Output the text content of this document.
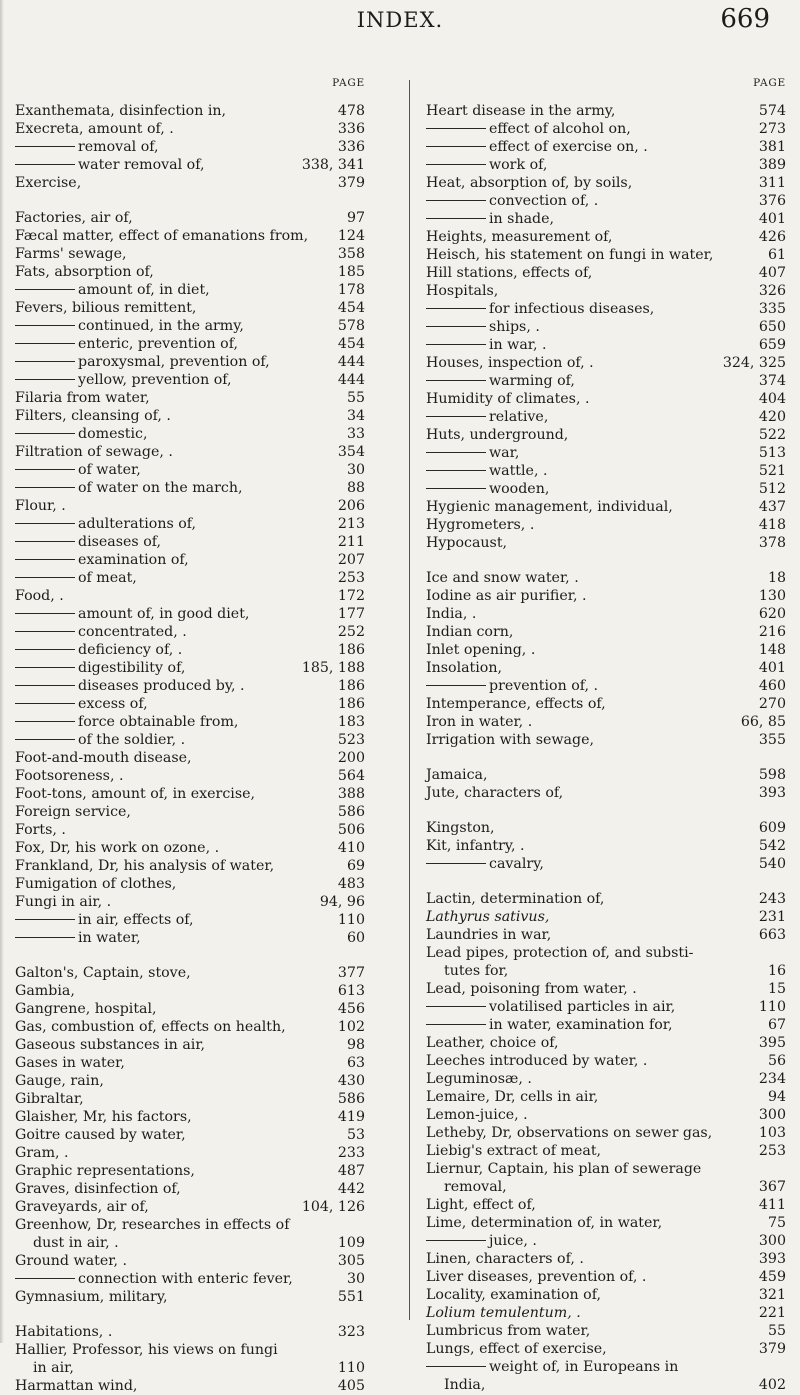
INDEX.	669
PAGE
Exanthemata, disinfection in,	478
Execreta, amount of, .	336
removal of,	336
water removal of,	338, 341
Exercise,	379
Factories, air of,	97
Fæcal matter, effect of emanations from, 124
Farms' sewage,	358
Fats, absorption of,	185
amount of, in diet,	178
Fevers, bilious remittent,	454
continued, in the army,	578
enteric, prevention of,	454
paroxysmal, prevention of,	444
yellow, prevention of,	444
Filaria from water,	55
Filters, cleansing of, .	34
domestic,	33
Filtration of sewage, .	354
of water,	30
of water on the march,	88
Flour, .	206
adulterations of,	213
diseases of,	211
examination of,	207
of meat,	253
Food, .	172
amount of, in good diet,	177
concentrated, .	252
deficiency of, .	186
digestibility of,	185, 188
diseases produced by, .	186
excess of,	186
force obtainable from,	183
of the soldier, .	523
Foot-and-mouth disease,	200
Footsoreness, .	564
Foot-tons, amount of, in exercise,	388
Foreign service,	586
Forts, .	506
Fox, Dr, his work on ozone, .	410
Frankland, Dr, his analysis of water,	69
Fumigation of clothes,	483
Fungi in air, .	94, 96
in air, effects of,	110
in water,	60
Galton's, Captain, stove,	377
Gambia,	613
Gangrene, hospital,	456
Gas, combustion of, effects on health,	102
Gaseous substances in air,	98
Gases in water,	63
Gauge, rain,	430
Gibraltar,	586
Glaisher, Mr, his factors,	419
Goitre caused by water,	53
Gram, .	233
Graphic representations,	487
Graves, disinfection of,	442
Graveyards, air of,	104, 126
Greenhow, Dr, researches in effects of
dust in air, .	109
Ground water, .	305
connection with enteric fever,	30
Gymnasium, military,	551
Habitations, .	323
Hallier, Professor, his views on fungi
in air,	110
Harmattan wind,	405
PAGE
Heart disease in the army,	574
effect of alcohol on,	273
effect of exercise on, .	381
work of,	389
Heat, absorption of, by soils,	311
convection of, .	376
in shade,	401
Heights, measurement of,	426
Heisch, his statement on fungi in water,	61
Hill stations, effects of,	407
Hospitals,	326
for infectious diseases,	335
ships, .	650
in war, .	659
Houses, inspection of, .	324, 325
warming of,	374
Humidity of climates, .	404
relative,	420
Huts, underground,	522
war,	513
wattle, .	521
wooden,	512
Hygienic management, individual,	437
Hygrometers, .	418
Hypocaust,	378
Ice and snow water, .	18
Iodine as air purifier, .	130
India, .	620
Indian corn,	216
Inlet opening, .	148
Insolation,	401
prevention of, .	460
Intemperance, effects of,	270
Iron in water, .	66, 85
Irrigation with sewage,	355
Jamaica,	598
Jute, characters of,	393
Kingston,	609
Kit, infantry, .	542
cavalry,	540
Lactin, determination of,	243
Lathyrus sativus,	231
Laundries in war,	663
Lead pipes, protection of, and substi-
tutes for,	16
Lead, poisoning from water, .	15
volatilised particles in air,	110
in water, examination for,	67
Leather, choice of,	395
Leeches introduced by water, .	56
Leguminosæ, .	234
Lemaire, Dr, cells in air,	94
Lemon-juice, .	300
Letheby, Dr, observations on sewer gas,	103
Liebig's extract of meat,	253
Liernur, Captain, his plan of sewerage
removal,	367
Light, effect of,	411
Lime, determination of, in water,	75
juice, .	300
Linen, characters of, .	393
Liver diseases, prevention of, .	459
Locality, examination of,	321
Lolium temulentum, .	221
Lumbricus from water,	55
Lungs, effect of exercise,	379
weight of, in Europeans in
India,	402
